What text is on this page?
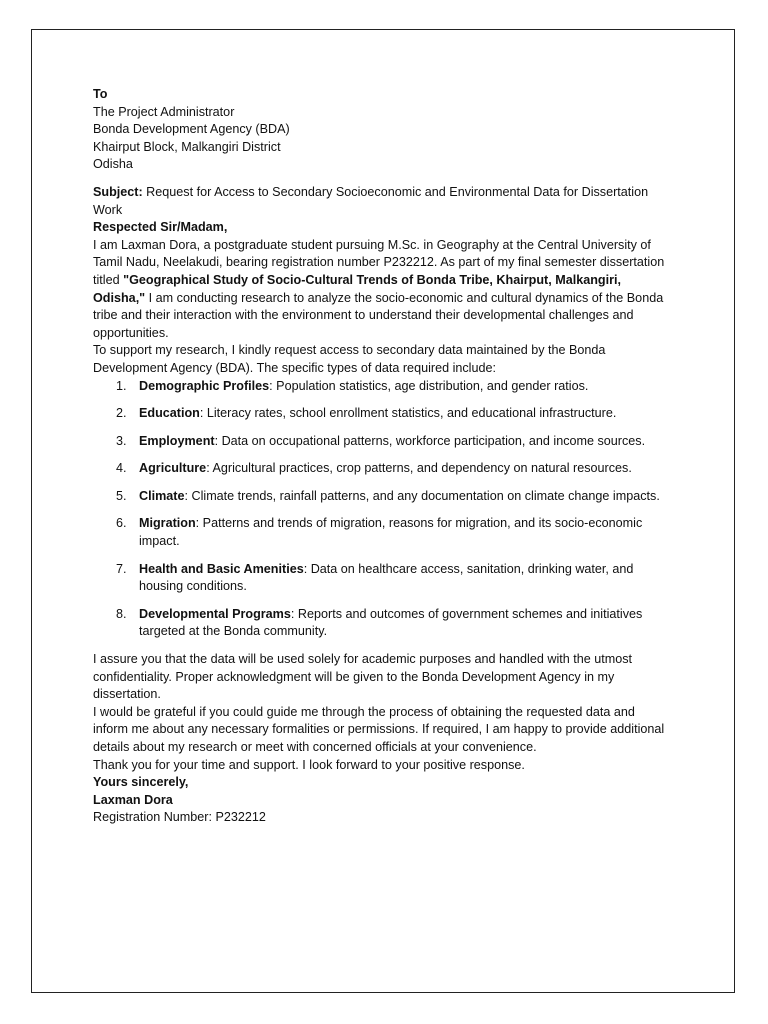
To

The Project Administrator

Bonda Development Agency (BDA)

Khairput Block, Malkangiri District

Odisha

Subject: Request for Access to Secondary Socioeconomic and Environmental Data for Dissertation Work

Respected Sir/Madam,

I am Laxman Dora, a postgraduate student pursuing M.Sc. in Geography at the Central University of Tamil Nadu, Neelakudi, bearing registration number P232212. As part of my final semester dissertation titled "Geographical Study of Socio-Cultural Trends of Bonda Tribe, Khairput, Malkangiri, Odisha," I am conducting research to analyze the socio-economic and cultural dynamics of the Bonda tribe and their interaction with the environment to understand their developmental challenges and opportunities.

To support my research, I kindly request access to secondary data maintained by the Bonda Development Agency (BDA). The specific types of data required include:

1. Demographic Profiles: Population statistics, age distribution, and gender ratios.
2. Education: Literacy rates, school enrollment statistics, and educational infrastructure.
3. Employment: Data on occupational patterns, workforce participation, and income sources.
4. Agriculture: Agricultural practices, crop patterns, and dependency on natural resources.
5. Climate: Climate trends, rainfall patterns, and any documentation on climate change impacts.
6. Migration: Patterns and trends of migration, reasons for migration, and its socio-economic impact.
7. Health and Basic Amenities: Data on healthcare access, sanitation, drinking water, and housing conditions.
8. Developmental Programs: Reports and outcomes of government schemes and initiatives targeted at the Bonda community.

I assure you that the data will be used solely for academic purposes and handled with the utmost confidentiality. Proper acknowledgment will be given to the Bonda Development Agency in my dissertation.

I would be grateful if you could guide me through the process of obtaining the requested data and inform me about any necessary formalities or permissions. If required, I am happy to provide additional details about my research or meet with concerned officials at your convenience.

Thank you for your time and support. I look forward to your positive response.

Yours sincerely,

Laxman Dora

Registration Number: P232212
